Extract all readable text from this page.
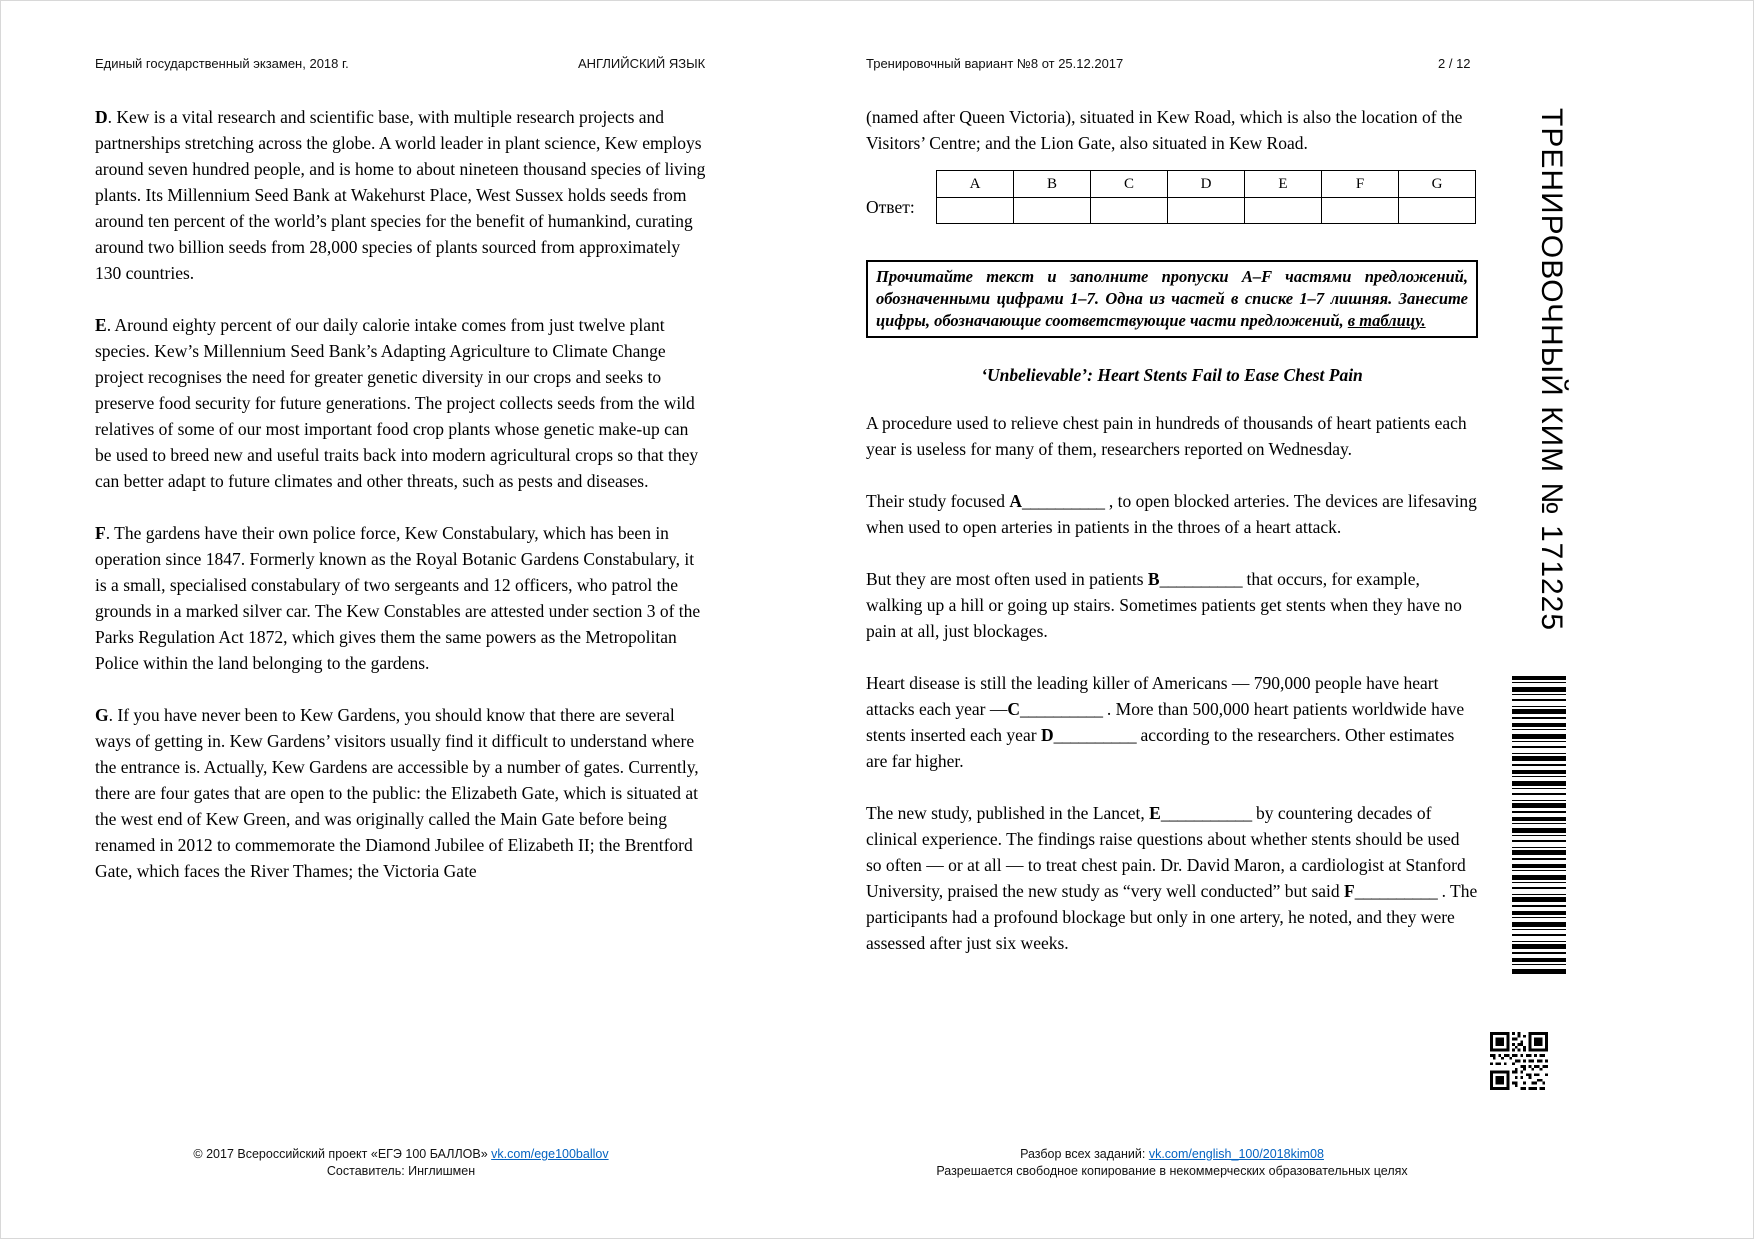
Единый государственный экзамен, 2018 г.	АНГЛИЙСКИЙ ЯЗЫК	Тренировочный вариант №8 от 25.12.2017	2 / 12

D. Kew is a vital research and scientific base, with multiple research projects and partnerships stretching across the globe. A world leader in plant science, Kew employs around seven hundred people, and is home to about nineteen thousand species of living plants. Its Millennium Seed Bank at Wakehurst Place, West Sussex holds seeds from around ten percent of the world’s plant species for the benefit of humankind, curating around two billion seeds from 28,000 species of plants sourced from approximately 130 countries.

E. Around eighty percent of our daily calorie intake comes from just twelve plant species. Kew’s Millennium Seed Bank’s Adapting Agriculture to Climate Change project recognises the need for greater genetic diversity in our crops and seeks to preserve food security for future generations. The project collects seeds from the wild relatives of some of our most important food crop plants whose genetic make-up can be used to breed new and useful traits back into modern agricultural crops so that they can better adapt to future climates and other threats, such as pests and diseases.

F. The gardens have their own police force, Kew Constabulary, which has been in operation since 1847. Formerly known as the Royal Botanic Gardens Constabulary, it is a small, specialised constabulary of two sergeants and 12 officers, who patrol the grounds in a marked silver car. The Kew Constables are attested under section 3 of the Parks Regulation Act 1872, which gives them the same powers as the Metropolitan Police within the land belonging to the gardens.

G. If you have never been to Kew Gardens, you should know that there are several ways of getting in. Kew Gardens’ visitors usually find it difficult to understand where the entrance is. Actually, Kew Gardens are accessible by a number of gates. Currently, there are four gates that are open to the public: the Elizabeth Gate, which is situated at the west end of Kew Green, and was originally called the Main Gate before being renamed in 2012 to commemorate the Diamond Jubilee of Elizabeth II; the Brentford Gate, which faces the River Thames; the Victoria Gate

(named after Queen Victoria), situated in Kew Road, which is also the location of the Visitors’ Centre; and the Lion Gate, also situated in Kew Road.

Ответ:
A	B	C	D	E	F	G

Прочитайте текст и заполните пропуски A–F частями предложений, обозначенными цифрами 1–7. Одна из частей в списке 1–7 лишняя. Занесите цифры, обозначающие соответствующие части предложений, в таблицу.
‘Unbelievable’: Heart Stents Fail to Ease Chest Pain

A procedure used to relieve chest pain in hundreds of thousands of heart patients each year is useless for many of them, researchers reported on Wednesday.

Their study focused A__________ , to open blocked arteries. The devices are lifesaving when used to open arteries in patients in the throes of a heart attack.

But they are most often used in patients B__________ that occurs, for example, walking up a hill or going up stairs. Sometimes patients get stents when they have no pain at all, just blockages.

Heart disease is still the leading killer of Americans — 790,000 people have heart attacks each year —C__________ . More than 500,000 heart patients worldwide have stents inserted each year D__________ according to the researchers. Other estimates are far higher.

The new study, published in the Lancet, E___________ by countering decades of clinical experience. The findings raise questions about whether stents should be used so often — or at all — to treat chest pain. Dr. David Maron, a cardiologist at Stanford University, praised the new study as “very well conducted” but said F__________ . The participants had a profound blockage but only in one artery, he noted, and they were assessed after just six weeks.

ТРЕНИРОВОЧНЫЙ КИМ № 171225
© 2017 Всероссийский проект «ЕГЭ 100 БАЛЛОВ» vk.com/ege100ballov
Составитель: Инглишмен
Разбор всех заданий: vk.com/english_100/2018kim08
Разрешается свободное копирование в некоммерческих образовательных целях
